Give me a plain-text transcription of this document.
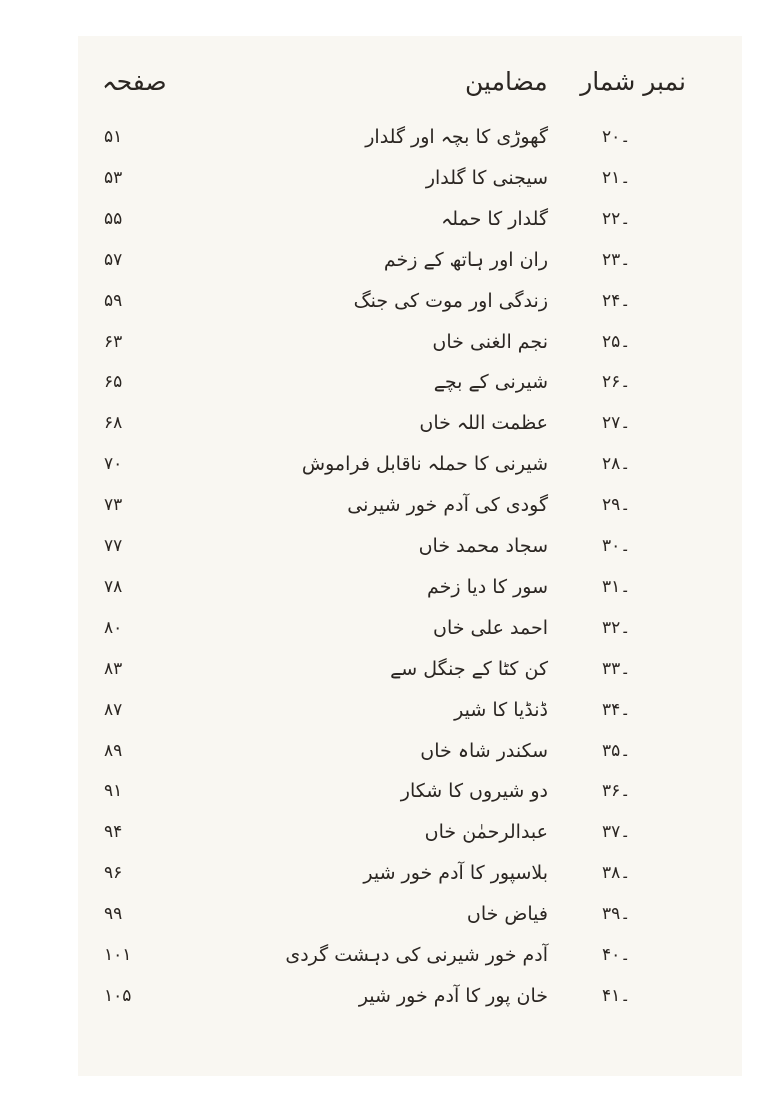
نمبر شمار
مضامین
صفحہ
۲۰۔
گھوڑی کا بچہ اور گلدار
۵۱
۲۱۔
سیجنی کا گلدار
۵۳
۲۲۔
گلدار کا حملہ
۵۵
۲۳۔
ران اور ہاتھ کے زخم
۵۷
۲۴۔
زندگی اور موت کی جنگ
۵۹
۲۵۔
نجم الغنی خاں
۶۳
۲۶۔
شیرنی کے بچے
۶۵
۲۷۔
عظمت اللہ خاں
۶۸
۲۸۔
شیرنی کا حملہ ناقابل فراموش
۷۰
۲۹۔
گودی کی آدم خور شیرنی
۷۳
۳۰۔
سجاد محمد خاں
۷۷
۳۱۔
سور کا دیا زخم
۷۸
۳۲۔
احمد علی خاں
۸۰
۳۳۔
کن کٹا کے جنگل سے
۸۳
۳۴۔
ڈنڈیا کا شیر
۸۷
۳۵۔
سکندر شاہ خاں
۸۹
۳۶۔
دو شیروں کا شکار
۹۱
۳۷۔
عبدالرحمٰن خاں
۹۴
۳۸۔
بلاسپور کا آدم خور شیر
۹۶
۳۹۔
فیاض خاں
۹۹
۴۰۔
آدم خور شیرنی کی دہشت گردی
۱۰۱
۴۱۔
خان پور کا آدم خور شیر
۱۰۵
